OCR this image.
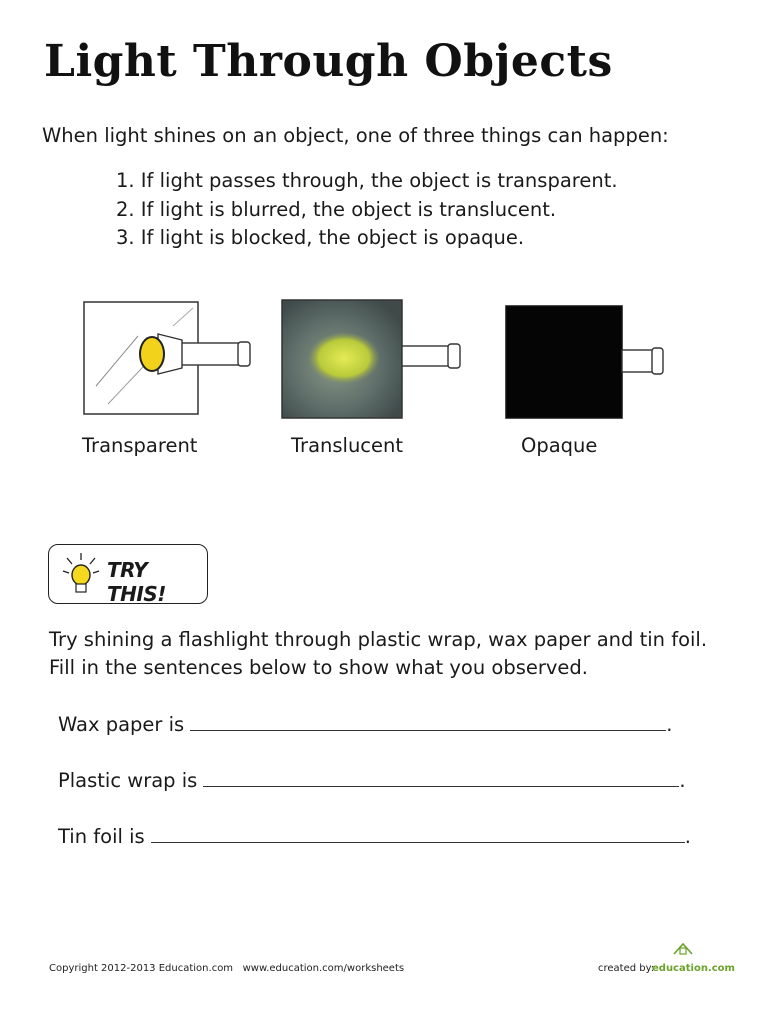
Light Through Objects
When light shines on an object, one of three things can happen:
1. If light passes through, the object is transparent.
2. If light is blurred, the object is translucent.
3. If light is blocked, the object is opaque.
Transparent	Translucent	Opaque
TRY THIS!
Try shining a flashlight through plastic wrap, wax paper and tin foil.
Fill in the sentences below to show what you observed.
Wax paper is	.
Plastic wrap is	.
Tin foil is	.
Copyright 2012-2013 Education.com   www.education.com/worksheets	created by:
education.com
